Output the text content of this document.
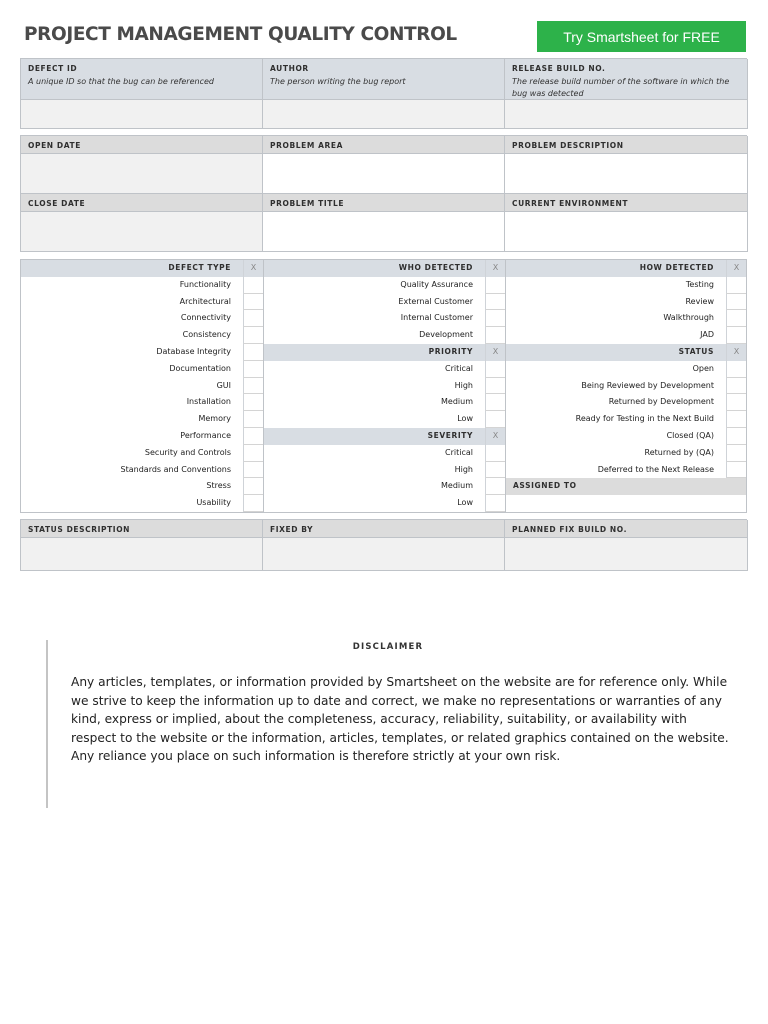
PROJECT MANAGEMENT QUALITY CONTROL	Try Smartsheet for FREE
DEFECT ID
A unique ID so that the bug can be referenced
AUTHOR
The person writing the bug report
RELEASE BUILD NO.
The release build number of the software in which the bug was detected
OPEN DATE	PROBLEM AREA	PROBLEM DESCRIPTION
CLOSE DATE	PROBLEM TITLE	CURRENT ENVIRONMENT
DEFECT TYPE	X
Functionality
Architectural
Connectivity
Consistency
Database Integrity
Documentation
GUI
Installation
Memory
Performance
Security and Controls
Standards and Conventions
Stress
Usability
WHO DETECTED	X
Quality Assurance
External Customer
Internal Customer
Development
PRIORITY	X
Critical
High
Medium
Low
SEVERITY	X
Critical
High
Medium
Low
HOW DETECTED	X
Testing
Review
Walkthrough
JAD
STATUS	X
Open
Being Reviewed by Development
Returned by Development
Ready for Testing in the Next Build
Closed (QA)
Returned by (QA)
Deferred to the Next Release
ASSIGNED TO
STATUS DESCRIPTION	FIXED BY	PLANNED FIX BUILD NO.
DISCLAIMER
Any articles, templates, or information provided by Smartsheet on the website are for reference only. While we strive to keep the information up to date and correct, we make no representations or warranties of any kind, express or implied, about the completeness, accuracy, reliability, suitability, or availability with respect to the website or the information, articles, templates, or related graphics contained on the website. Any reliance you place on such information is therefore strictly at your own risk.
